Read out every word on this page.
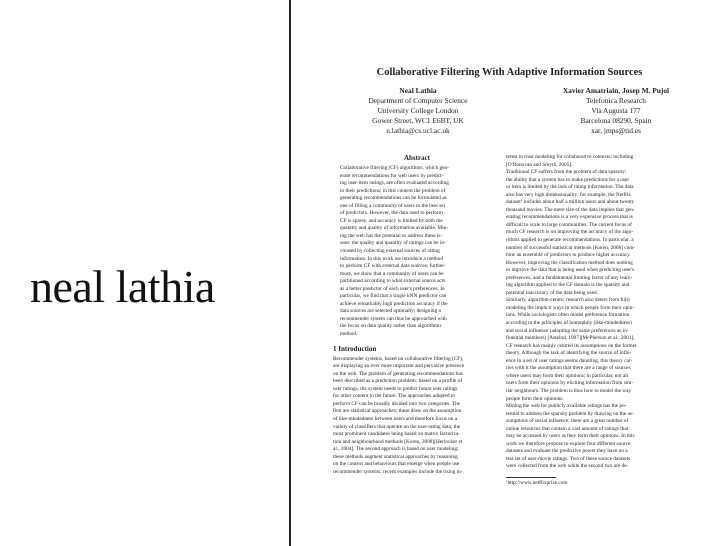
neal lathia
Collaborative Filtering With Adaptive Information Sources
Neal Lathia
Department of Computer Science
University College London
Gower Street, WC1 E6BT, UK
n.lathia@cs.ucl.ac.uk
Xavier Amatriain, Josep M. Pujol
Telefonica Research
Via Augusta 177
Barcelona 08290, Spain
xar, jmps@tid.es
Abstract
Collaborative filtering (CF) algorithms, which gen-
erate recommendations for web users by predict-
ing user-item ratings, are often evaluated according
to their predictions; in this context the problem of
generating recommendations can be formulated as
one of filling a community of users to the best set
of predictors. However, the data used to perform
CF is sparse, and accuracy is limited by both the
quantity and quality of information available. Min-
ing the web has the potential to address these is-
sues: the quality and quantity of ratings can be in-
creased by collecting external sources of rating
information. In this work we introduce a method
to perform CF with external data sources; further-
more, we show that a community of users can be
partitioned according to what external source acts
as a better predictor of each user's preferences. In
particular, we find that a single kNN predictor can
achieve remarkably high prediction accuracy if the
data sources are selected optimally; designing a
recommender system can thus be approached with
the focus on data quality rather than algorithmic
method.
1 Introduction
Recommender systems, based on collaborative filtering (CF),
are displaying an ever more important and pervasive presence
on the web. The problem of generating recommendations has
been described as a prediction problem: based on a profile of
user ratings, the system needs to predict future user ratings
for other content in the future. The approaches adopted to
perform CF can be broadly divided into two categories. The
first are statistical approaches; these draw on the assumption
of like-mindedness between users and therefore focus on a
variety of classifiers that operate on the user-rating data; the
most prominent candidates being based on matrix factoriza-
tion and neighbourhood methods [Koren, 2008][Herlocker et
al., 2004]. The second approach is based on user modeling;
these methods augment statistical approaches by reasoning
on the context and behaviours that emerge when people use
recommender systems; recent examples include the rising in-
terest in trust modeling for collaborative contexts; including
[O'Donovan and Smyth, 2005].
Traditional CF suffers from the problem of data sparsity;
the ability that a system has to make predictions for a user
or item is limited by the lack of rating information. The data
also has very high dimensionality; for example, the Netflix
dataset¹ includes about half a million users and about twenty
thousand movies. The mere size of the data implies that gen-
erating recommendations is a very expensive process that is
difficult to scale to large communities. The current focus of
much CF research is on improving the accuracy of the algo-
rithms applied to generate recommendations. In particular, a
number of successful statistical methods [Koren, 2008] com-
bine an ensemble of predictors to produce higher accuracy.
However, improving the classification method does nothing
to improve the data that is being used when predicting user's
preferences, and a fundamental limiting factor of any learn-
ing algorithm applied to the CF domain is the sparsity and
potential inaccuracy of the data being used.
Similarly, algorithm-centric research also deters from fully
modeling the implicit ways in which people form their opin-
ions. While sociologists often model preference formation
according to the principles of homophily (like-mindedness)
and social influence (adopting the same preferences as in-
fluential members) [Asteind, 1997][McPherson et al., 2001],
CF research has mainly centred its assumptions on the former
theory. Although the task of identifying the source of influ-
ence in a set of user ratings seems daunting, this theory car-
ries with it the assumption that there are a range of sources
where users may form their opinions; in particular, not all
users form their opinions by eliciting information from sim-
ilar neighbours. The problem is thus how to model the way
people form their opinions.
Mining the web for publicly available ratings has the po-
tential to address the sparsity problem by drawing on the as-
sumptions of social influence; there are a great number of
online resources that contain a vast amount of ratings that
may be accessed by users as they form their opinions. In this
work we therefore propose to explore four different source
datasets and evaluate the predictive power they have on a
test set of user-movie ratings. Two of these source datasets
were collected from the web while the second two are de-
¹http://www.netflixprize.com
